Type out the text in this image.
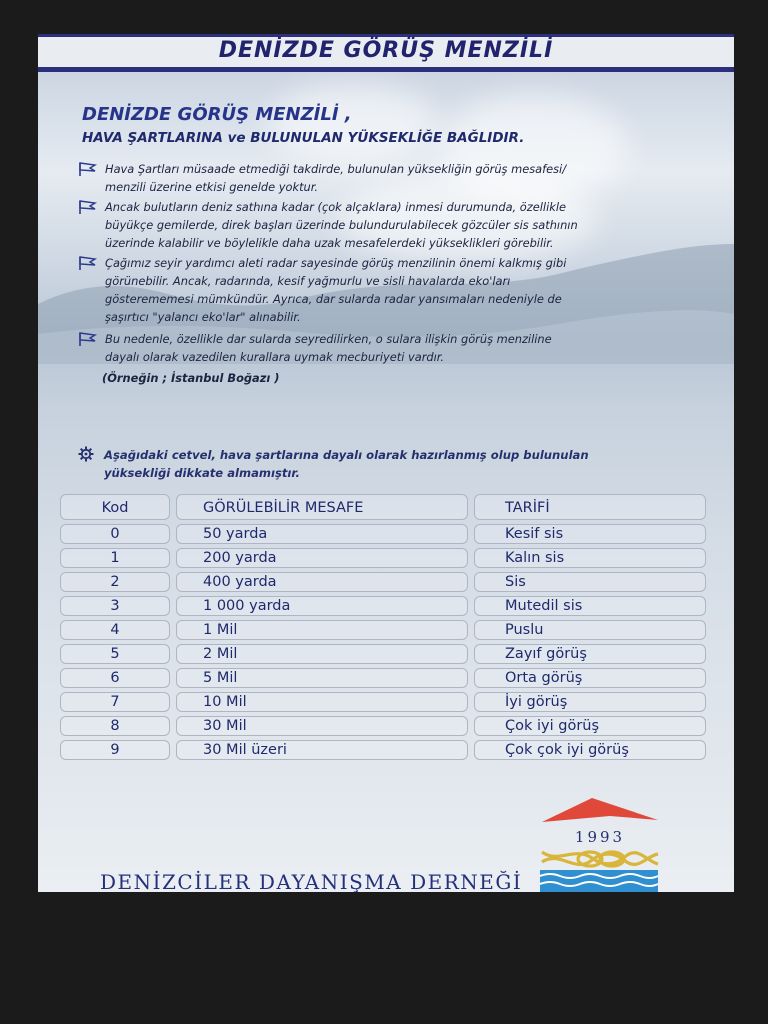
DENİZDE GÖRÜŞ MENZİLİ
DENİZDE GÖRÜŞ MENZİLİ ,
HAVA ŞARTLARINA ve BULUNULAN YÜKSEKLİĞE BAĞLIDIR.
Hava Şartları müsaade etmediği takdirde, bulunulan yüksekliğin görüş mesafesi/
menzili üzerine etkisi genelde yoktur.
Ancak bulutların deniz sathına kadar (çok alçaklara) inmesi durumunda, özellikle
büyükçe gemilerde, direk başları üzerinde bulundurulabilecek gözcüler sis sathının
üzerinde kalabilir ve böylelikle daha uzak mesafelerdeki yükseklikleri görebilir.
Çağımız seyir yardımcı aleti radar sayesinde görüş menzilinin önemi kalkmış gibi
görünebilir. Ancak, radarında, kesif yağmurlu ve sisli havalarda eko'ları
gösterememesi mümkündür. Ayrıca, dar sularda radar yansımaları nedeniyle de
şaşırtıcı "yalancı eko'lar" alınabilir.
Bu nedenle, özellikle dar sularda seyredilirken, o sulara ilişkin görüş menziline
dayalı olarak vazedilen kurallara uymak mecburiyeti vardır.
(Örneğin ; İstanbul Boğazı )
Aşağıdaki cetvel, hava şartlarına dayalı olarak hazırlanmış olup bulunulan
yüksekliği dikkate almamıştır.
Kod	GÖRÜLEBİLİR MESAFE	TARİFİ
0	50 yarda	Kesif sis
1	200 yarda	Kalın sis
2	400 yarda	Sis
3	1 000 yarda	Mutedil sis
4	1 Mil	Puslu
5	2 Mil	Zayıf görüş
6	5 Mil	Orta görüş
7	10 Mil	İyi görüş
8	30 Mil	Çok iyi görüş
9	30 Mil üzeri	Çok çok iyi görüş
1993
DENİZCİLER DAYANIŞMA DERNEĞİ
